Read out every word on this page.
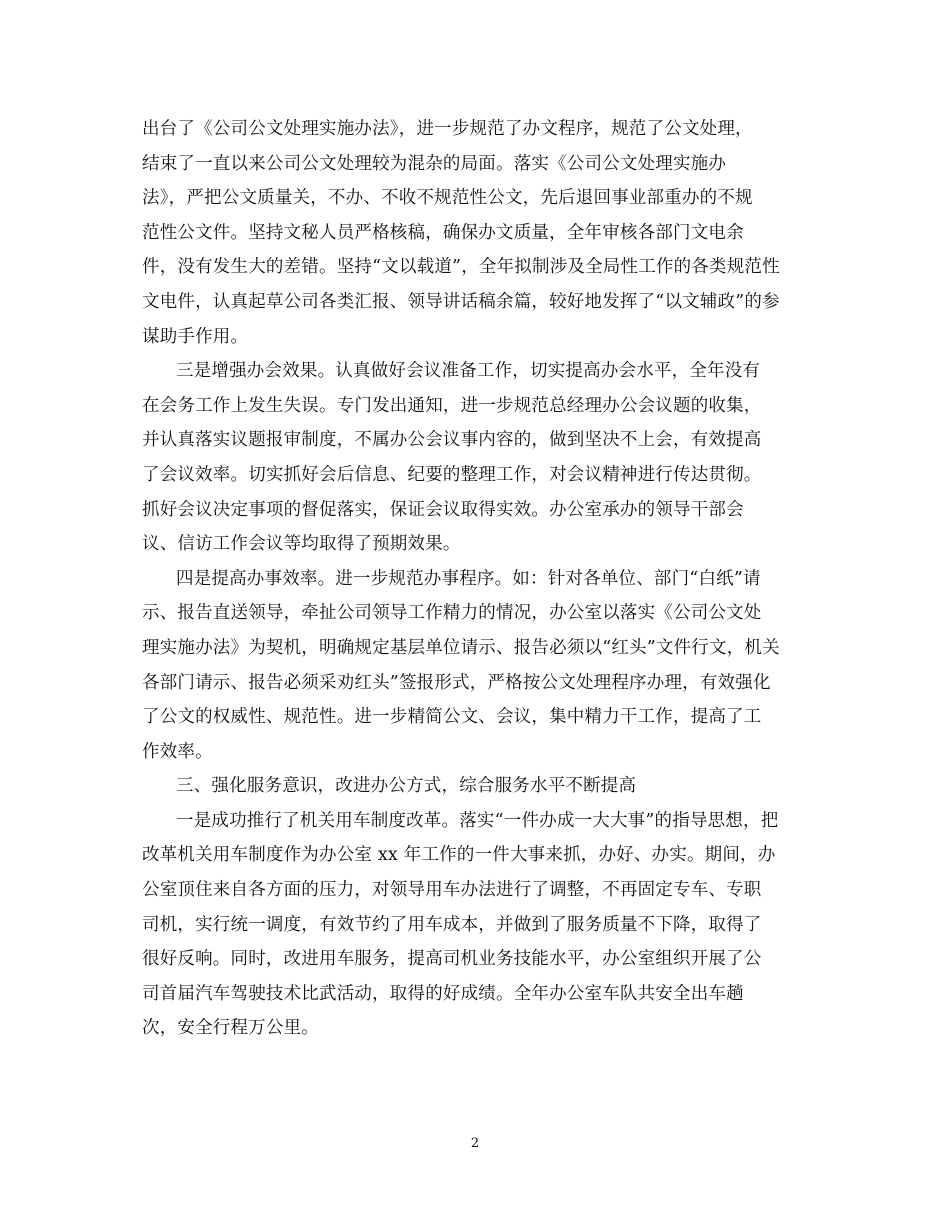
出台了《公司公文处理实施办法》，进一步规范了办文程序，规范了公文处理，
结束了一直以来公司公文处理较为混杂的局面。落实《公司公文处理实施办
法》，严把公文质量关，不办、不收不规范性公文，先后退回事业部重办的不规
范性公文件。坚持文秘人员严格核稿，确保办文质量，全年审核各部门文电余
件，没有发生大的差错。坚持“文以载道”，全年拟制涉及全局性工作的各类规范性
文电件，认真起草公司各类汇报、领导讲话稿余篇，较好地发挥了“以文辅政”的参
谋助手作用。
三是增强办会效果。认真做好会议准备工作，切实提高办会水平，全年没有
在会务工作上发生失误。专门发出通知，进一步规范总经理办公会议题的收集，
并认真落实议题报审制度，不属办公会议事内容的，做到坚决不上会，有效提高
了会议效率。切实抓好会后信息、纪要的整理工作，对会议精神进行传达贯彻。
抓好会议决定事项的督促落实，保证会议取得实效。办公室承办的领导干部会
议、信访工作会议等均取得了预期效果。
四是提高办事效率。进一步规范办事程序。如：针对各单位、部门“白纸”请
示、报告直送领导，牵扯公司领导工作精力的情况，办公室以落实《公司公文处
理实施办法》为契机，明确规定基层单位请示、报告必须以“红头”文件行文，机关
各部门请示、报告必须采劝红头”签报形式，严格按公文处理程序办理，有效强化
了公文的权威性、规范性。进一步精简公文、会议，集中精力干工作，提高了工
作效率。
三、强化服务意识，改进办公方式，综合服务水平不断提高
一是成功推行了机关用车制度改革。落实“一件办成一大大事”的指导思想，把
改革机关用车制度作为办公室 xx 年工作的一件大事来抓，办好、办实。期间，办
公室顶住来自各方面的压力，对领导用车办法进行了调整，不再固定专车、专职
司机，实行统一调度，有效节约了用车成本，并做到了服务质量不下降，取得了
很好反响。同时，改进用车服务，提高司机业务技能水平，办公室组织开展了公
司首届汽车驾驶技术比武活动，取得的好成绩。全年办公室车队共安全出车趟
次，安全行程万公里。
2
